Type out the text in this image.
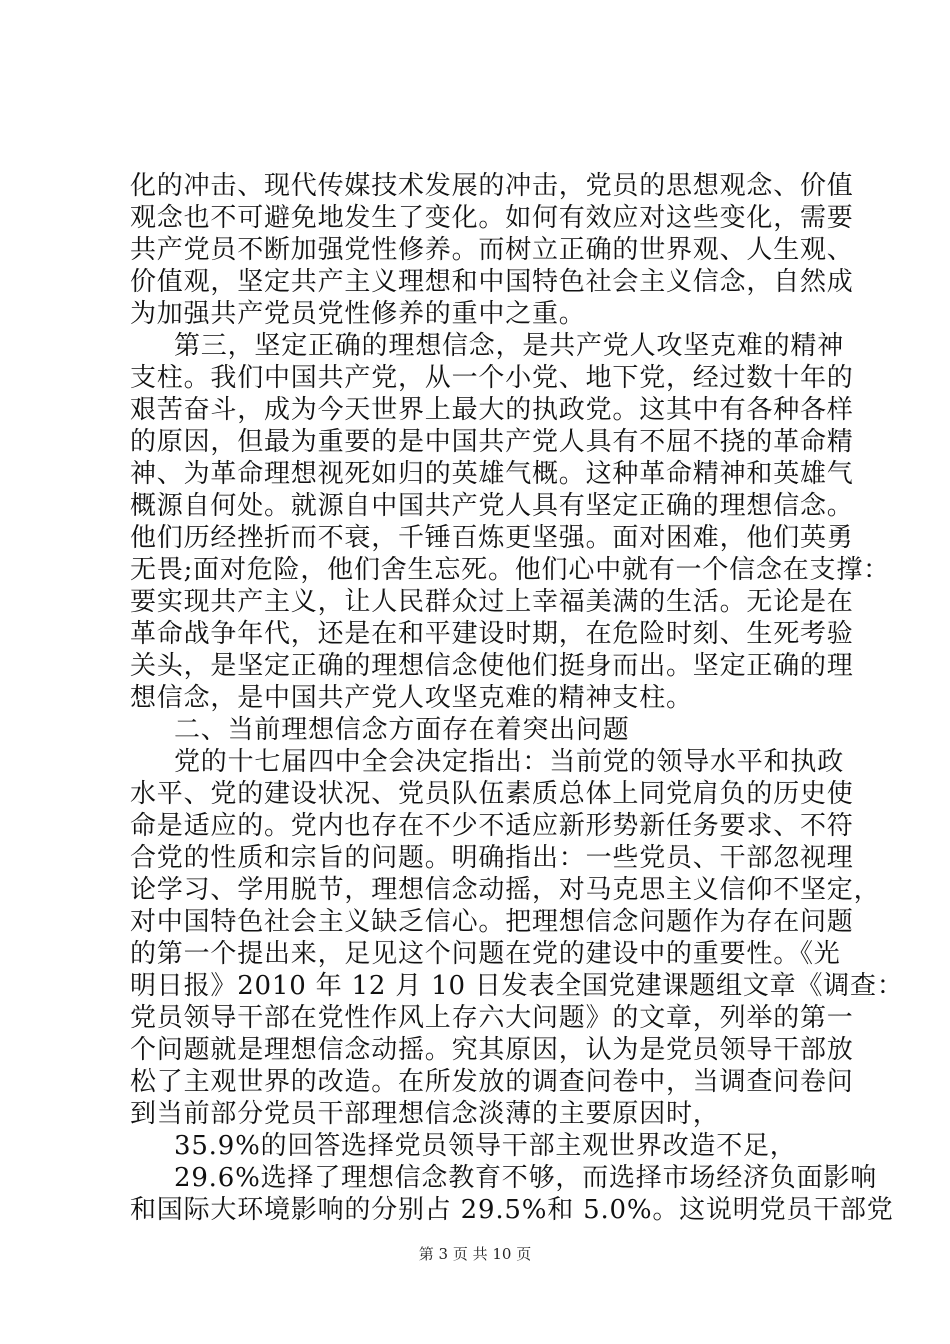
化的冲击、现代传媒技术发展的冲击，党员的思想观念、价值
观念也不可避免地发生了变化。如何有效应对这些变化，需要
共产党员不断加强党性修养。而树立正确的世界观、人生观、
价值观，坚定共产主义理想和中国特色社会主义信念，自然成
为加强共产党员党性修养的重中之重。
第三，坚定正确的理想信念，是共产党人攻坚克难的精神
支柱。我们中国共产党，从一个小党、地下党，经过数十年的
艰苦奋斗，成为今天世界上最大的执政党。这其中有各种各样
的原因，但最为重要的是中国共产党人具有不屈不挠的革命精
神、为革命理想视死如归的英雄气概。这种革命精神和英雄气
概源自何处。就源自中国共产党人具有坚定正确的理想信念。
他们历经挫折而不衰，千锤百炼更坚强。面对困难，他们英勇
无畏;面对危险，他们舍生忘死。他们心中就有一个信念在支撑：
要实现共产主义，让人民群众过上幸福美满的生活。无论是在
革命战争年代，还是在和平建设时期，在危险时刻、生死考验
关头，是坚定正确的理想信念使他们挺身而出。坚定正确的理
想信念，是中国共产党人攻坚克难的精神支柱。
二、当前理想信念方面存在着突出问题
党的十七届四中全会决定指出：当前党的领导水平和执政
水平、党的建设状况、党员队伍素质总体上同党肩负的历史使
命是适应的。党内也存在不少不适应新形势新任务要求、不符
合党的性质和宗旨的问题。明确指出：一些党员、干部忽视理
论学习、学用脱节，理想信念动摇，对马克思主义信仰不坚定，
对中国特色社会主义缺乏信心。把理想信念问题作为存在问题
的第一个提出来，足见这个问题在党的建设中的重要性。《光
明日报》2010 年 12 月 10 日发表全国党建课题组文章《调查：
党员领导干部在党性作风上存六大问题》的文章，列举的第一
个问题就是理想信念动摇。究其原因，认为是党员领导干部放
松了主观世界的改造。在所发放的调查问卷中，当调查问卷问
到当前部分党员干部理想信念淡薄的主要原因时，
35.9%的回答选择党员领导干部主观世界改造不足，
29.6%选择了理想信念教育不够，而选择市场经济负面影响
和国际大环境影响的分别占 29.5%和 5.0%。这说明党员干部党
第 3 页 共 10 页
